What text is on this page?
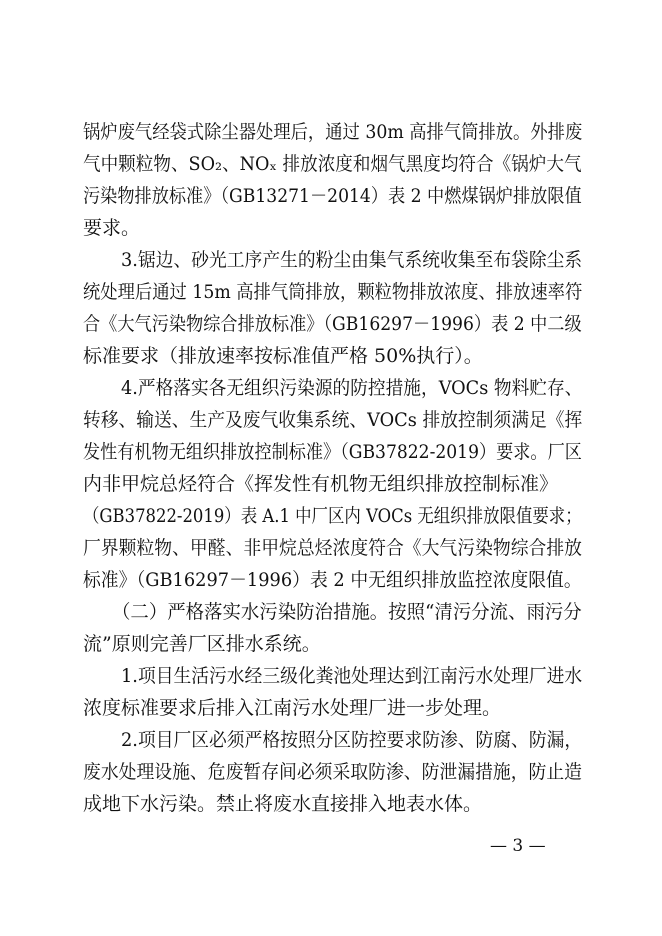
锅炉废气经袋式除尘器处理后，通过 30m 高排气筒排放。外排废
气中颗粒物、SO₂、NOₓ 排放浓度和烟气黑度均符合《锅炉大气
污染物排放标准》（GB13271－2014）表 2 中燃煤锅炉排放限值
要求。
3.锯边、砂光工序产生的粉尘由集气系统收集至布袋除尘系
统处理后通过 15m 高排气筒排放，颗粒物排放浓度、排放速率符
合《大气污染物综合排放标准》（GB16297－1996）表 2 中二级
标准要求（排放速率按标准值严格 50%执行）。
4.严格落实各无组织污染源的防控措施，VOCs 物料贮存、
转移、输送、生产及废气收集系统、VOCs 排放控制须满足《挥
发性有机物无组织排放控制标准》（GB37822-2019）要求。厂区
内非甲烷总烃符合《挥发性有机物无组织排放控制标准》
（GB37822-2019）表 A.1 中厂区内 VOCs 无组织排放限值要求；
厂界颗粒物、甲醛、非甲烷总烃浓度符合《大气污染物综合排放
标准》（GB16297－1996）表 2 中无组织排放监控浓度限值。
（二）严格落实水污染防治措施。按照“清污分流、雨污分
流”原则完善厂区排水系统。
1.项目生活污水经三级化粪池处理达到江南污水处理厂进水
浓度标准要求后排入江南污水处理厂进一步处理。
2.项目厂区必须严格按照分区防控要求防渗、防腐、防漏，
废水处理设施、危废暂存间必须采取防渗、防泄漏措施，防止造
成地下水污染。禁止将废水直接排入地表水体。
— 3 —
